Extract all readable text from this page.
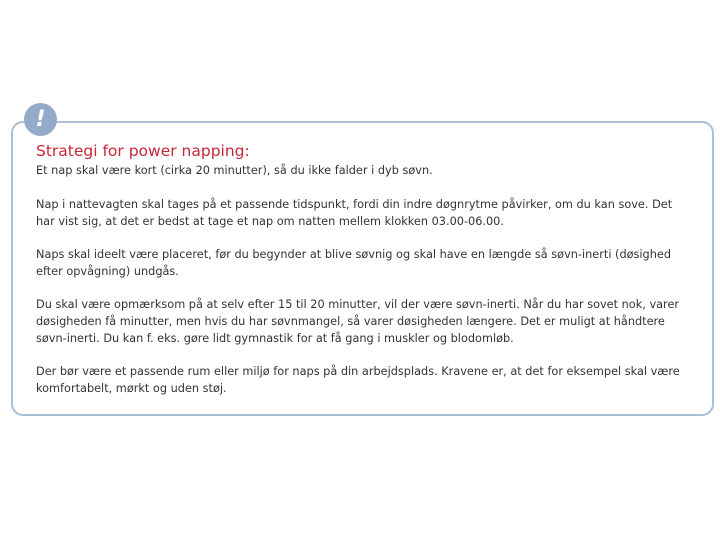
!
Strategi for power napping:

Et nap skal være kort (cirka 20 minutter), så du ikke falder i dyb søvn.

Nap i nattevagten skal tages på et passende tidspunkt, fordi din indre døgnrytme påvirker, om du kan sove. Det har vist sig, at det er bedst at tage et nap om natten mellem klokken 03.00-06.00.

Naps skal ideelt være placeret, før du begynder at blive søvnig og skal have en længde så søvn-inerti (døsighed efter opvågning) undgås.

Du skal være opmærksom på at selv efter 15 til 20 minutter, vil der være søvn-inerti. Når du har sovet nok, varer døsigheden få minutter, men hvis du har søvnmangel, så varer døsigheden længere. Det er muligt at håndtere søvn-inerti. Du kan f. eks. gøre lidt gymnastik for at få gang i muskler og blodomløb.

Der bør være et passende rum eller miljø for naps på din arbejdsplads. Kravene er, at det for eksempel skal være komfortabelt, mørkt og uden støj.
